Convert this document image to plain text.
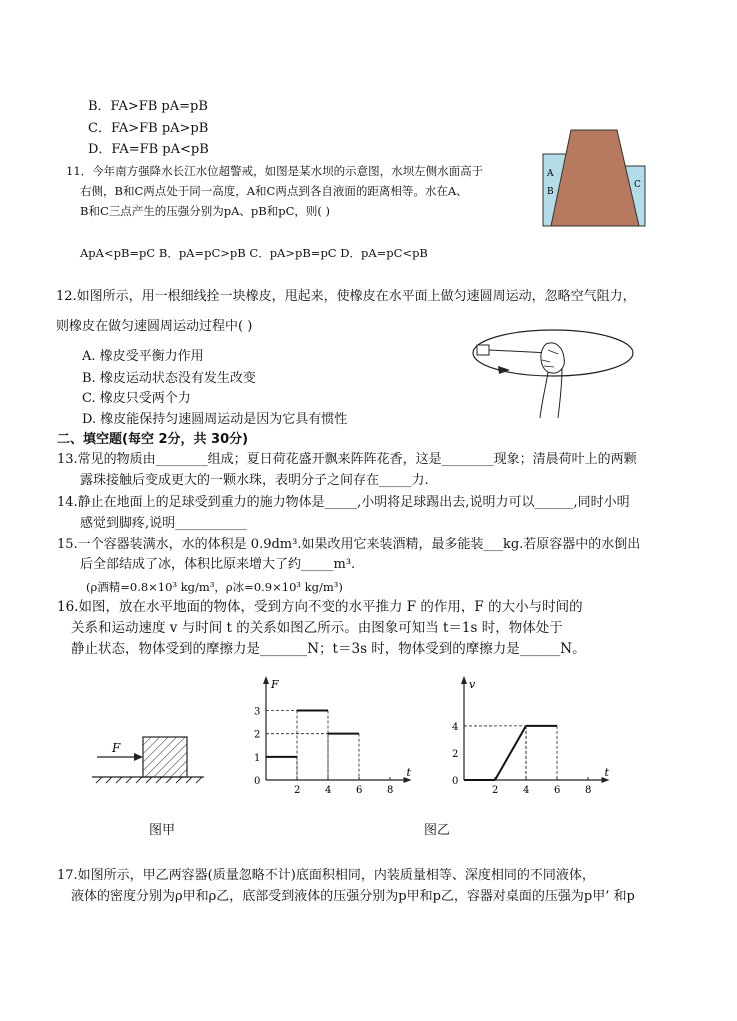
B．FA>FB pA=pB
C．FA>FB pA>pB
D．FA=FB pA<pB
11．今年南方强降水长江水位超警戒，如图是某水坝的示意图，水坝左侧水面高于
右侧，B和C两点处于同一高度，A和C两点到各自液面的距离相等。水在A、
B和C三点产生的压强分别为pA、pB和pC，则( )
ApA<pB=pC B．pA=pC>pB C．pA>pB=pC D．pA=pC<pB
A
B
C
12.如图所示，用一根细线拴一块橡皮，甩起来，使橡皮在水平面上做匀速圆周运动，忽略空气阻力，
则橡皮在做匀速圆周运动过程中( )
A. 橡皮受平衡力作用
B. 橡皮运动状态没有发生改变
C. 橡皮只受两个力
D. 橡皮能保持匀速圆周运动是因为它具有惯性
二、填空题(每空 2分，共 30分)
13.常见的物质由________组成；夏日荷花盛开飘来阵阵花香，这是________现象；清晨荷叶上的两颗
露珠接触后变成更大的一颗水珠，表明分子之间存在_____力.
14.静止在地面上的足球受到重力的施力物体是_____,小明将足球踢出去,说明力可以______,同时小明
感觉到脚疼,说明___________
15.一个容器装满水，水的体积是 0.9dm³.如果改用它来装酒精，最多能装___kg.若原容器中的水倒出
后全部结成了冰，体积比原来增大了约_____m³.
(ρ酒精=0.8×10³ kg/m³，ρ冰=0.9×10³ kg/m³)
16.如图，放在水平地面的物体，受到方向不变的水平推力 F 的作用，F 的大小与时间的
关系和运动速度 v 与时间 t 的关系如图乙所示。由图象可知当 t＝1s 时，物体处于
静止状态，物体受到的摩擦力是_______N；t＝3s 时，物体受到的摩擦力是______N。
F
F
t
0
2 4 6 8
1
2
3
v
t
0
2 4 6 8
2
4
图甲	图乙
17.如图所示，甲乙两容器(质量忽略不计)底面积相同，内装质量相等、深度相同的不同液体，
液体的密度分别为ρ甲和ρ乙，底部受到液体的压强分别为p甲和p乙，容器对桌面的压强为p甲’ 和p
